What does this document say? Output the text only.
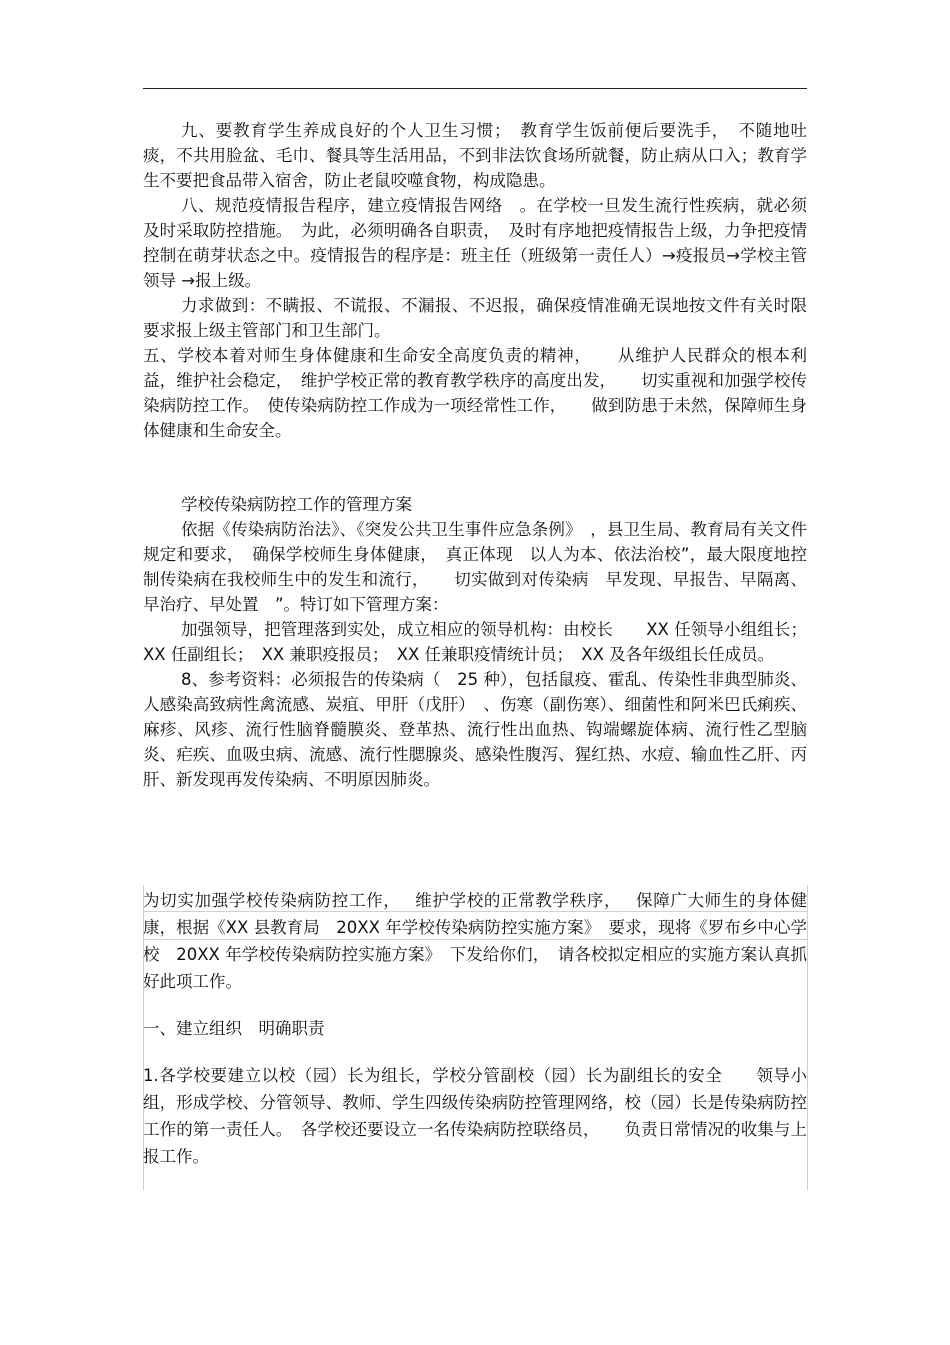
九、要教育学生养成良好的个人卫生习惯；　教育学生饭前便后要洗手，　不随地吐痰，不共用脸盆、毛巾、餐具等生活用品，不到非法饮食场所就餐，防止病从口入；教育学生不要把食品带入宿舍，防止老鼠咬噬食物，构成隐患。

八、规范疫情报告程序，建立疫情报告网络　。在学校一旦发生流行性疾病，就必须及时采取防控措施。　为此，必须明确各自职责，　及时有序地把疫情报告上级，力争把疫情控制在萌芽状态之中。疫情报告的程序是：班主任（班级第一责任人）→疫报员→学校主管领导 →报上级。

力求做到：不瞒报、不谎报、不漏报、不迟报，确保疫情准确无误地按文件有关时限要求报上级主管部门和卫生部门。

五、学校本着对师生身体健康和生命安全高度负责的精神，　　从维护人民群众的根本利益，维护社会稳定，　维护学校正常的教育教学秩序的高度出发，　　切实重视和加强学校传染病防控工作。　使传染病防控工作成为一项经常性工作，　　做到防患于未然，保障师生身体健康和生命安全。

学校传染病防控工作的管理方案

依据《传染病防治法》、《突发公共卫生事件应急条例》　，县卫生局、教育局有关文件规定和要求，　确保学校师生身体健康，　真正体现　以人为本、依法治校”，最大限度地控制传染病在我校师生中的发生和流行，　　切实做到对传染病　早发现、早报告、早隔离、早治疗、早处置　”。特订如下管理方案：

加强领导，把管理落到实处，成立相应的领导机构：由校长　　XX 任领导小组组长；XX 任副组长；　XX 兼职疫报员；　XX 任兼职疫情统计员；　XX 及各年级组长任成员。

8、参考资料：必须报告的传染病（　25 种），包括鼠疫、霍乱、传染性非典型肺炎、人感染高致病性禽流感、炭疽、甲肝（戊肝）　、伤寒（副伤寒）、细菌性和阿米巴氏痢疾、麻疹、风疹、流行性脑脊髓膜炎、登革热、流行性出血热、钩端螺旋体病、流行性乙型脑炎、疟疾、血吸虫病、流感、流行性腮腺炎、感染性腹泻、猩红热、水痘、输血性乙肝、丙肝、新发现再发传染病、不明原因肺炎。

为切实加强学校传染病防控工作，　 维护学校的正常教学秩序，　 保障广大师生的身体健康，根据《XX 县教育局　20XX 年学校传染病防控实施方案》　要求，现将《罗布乡中心学校　20XX 年学校传染病防控实施方案》　下发给你们，　请各校拟定相应的实施方案认真抓好此项工作。

一、建立组织　明确职责

1.各学校要建立以校（园）长为组长，学校分管副校（园）长为副组长的安全　　领导小组，形成学校、分管领导、教师、学生四级传染病防控管理网络，校（园）长是传染病防控工作的第一责任人。　各学校还要设立一名传染病防控联络员，　　负责日常情况的收集与上报工作。
